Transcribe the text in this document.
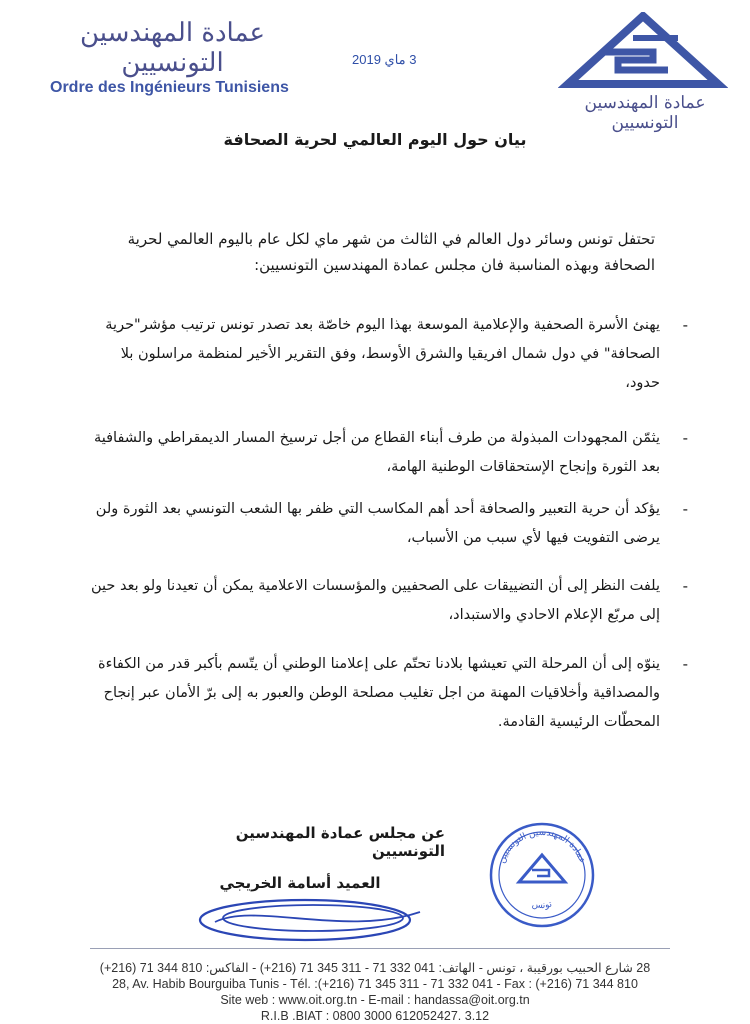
عمادة المهندسين التونسيين
Ordre des Ingénieurs Tunisiens
3 ماي 2019
عمادة المهندسين التونسيين
بيان حول اليوم العالمي لحرية الصحافة
تحتفل تونس وسائر دول العالم في الثالث من شهر ماي لكل عام باليوم العالمي لحرية الصحافة وبهذه المناسبة فان مجلس عمادة المهندسين التونسيين:
-
يهنئ الأسرة الصحفية والإعلامية الموسعة بهذا اليوم خاصّة بعد تصدر تونس ترتيب مؤشر"حرية الصحافة" في دول شمال افريقيا والشرق الأوسط، وفق التقرير الأخير لمنظمة مراسلون بلا حدود،
-
يثمّن المجهودات المبذولة من طرف أبناء القطاع من أجل ترسيخ المسار الديمقراطي والشفافية بعد الثورة وإنجاح الإستحقاقات الوطنية الهامة،
-
يؤكد أن حرية التعبير والصحافة أحد أهم المكاسب التي ظفر بها الشعب التونسي بعد الثورة ولن يرضى التفويت فيها لأي سبب من الأسباب،
-
يلفت النظر إلى أن التضييقات على الصحفيين والمؤسسات الاعلامية يمكن أن تعيدنا ولو بعد حين إلى مربّع الإعلام الاحادي والاستبداد،
-
ينوّه إلى أن المرحلة التي تعيشها بلادنا تحتّم على إعلامنا الوطني أن يتّسم بأكبر قدر من الكفاءة والمصداقية وأخلاقيات المهنة من اجل تغليب مصلحة الوطن والعبور به إلى برّ الأمان عبر إنجاح المحطّات الرئيسية القادمة.
عن مجلس عمادة المهندسين التونسيين
العميد أسامة الخريجي
عمادة المهندسين التونسيين
تونس
28 شارع الحبيب بورقيبة ، تونس - الهاتف: 041 332 71 - 311 345 71 (216+) - الفاكس: 810 344 71 (216+)
28, Av. Habib Bourguiba Tunis - Tél. :(+216) 71 345 311 - 71 332 041 - Fax : (+216) 71 344 810
Site web : www.oit.org.tn - E-mail : handassa@oit.org.tn
R.I.B .BIAT : 0800 3000 612052427. 3.12
